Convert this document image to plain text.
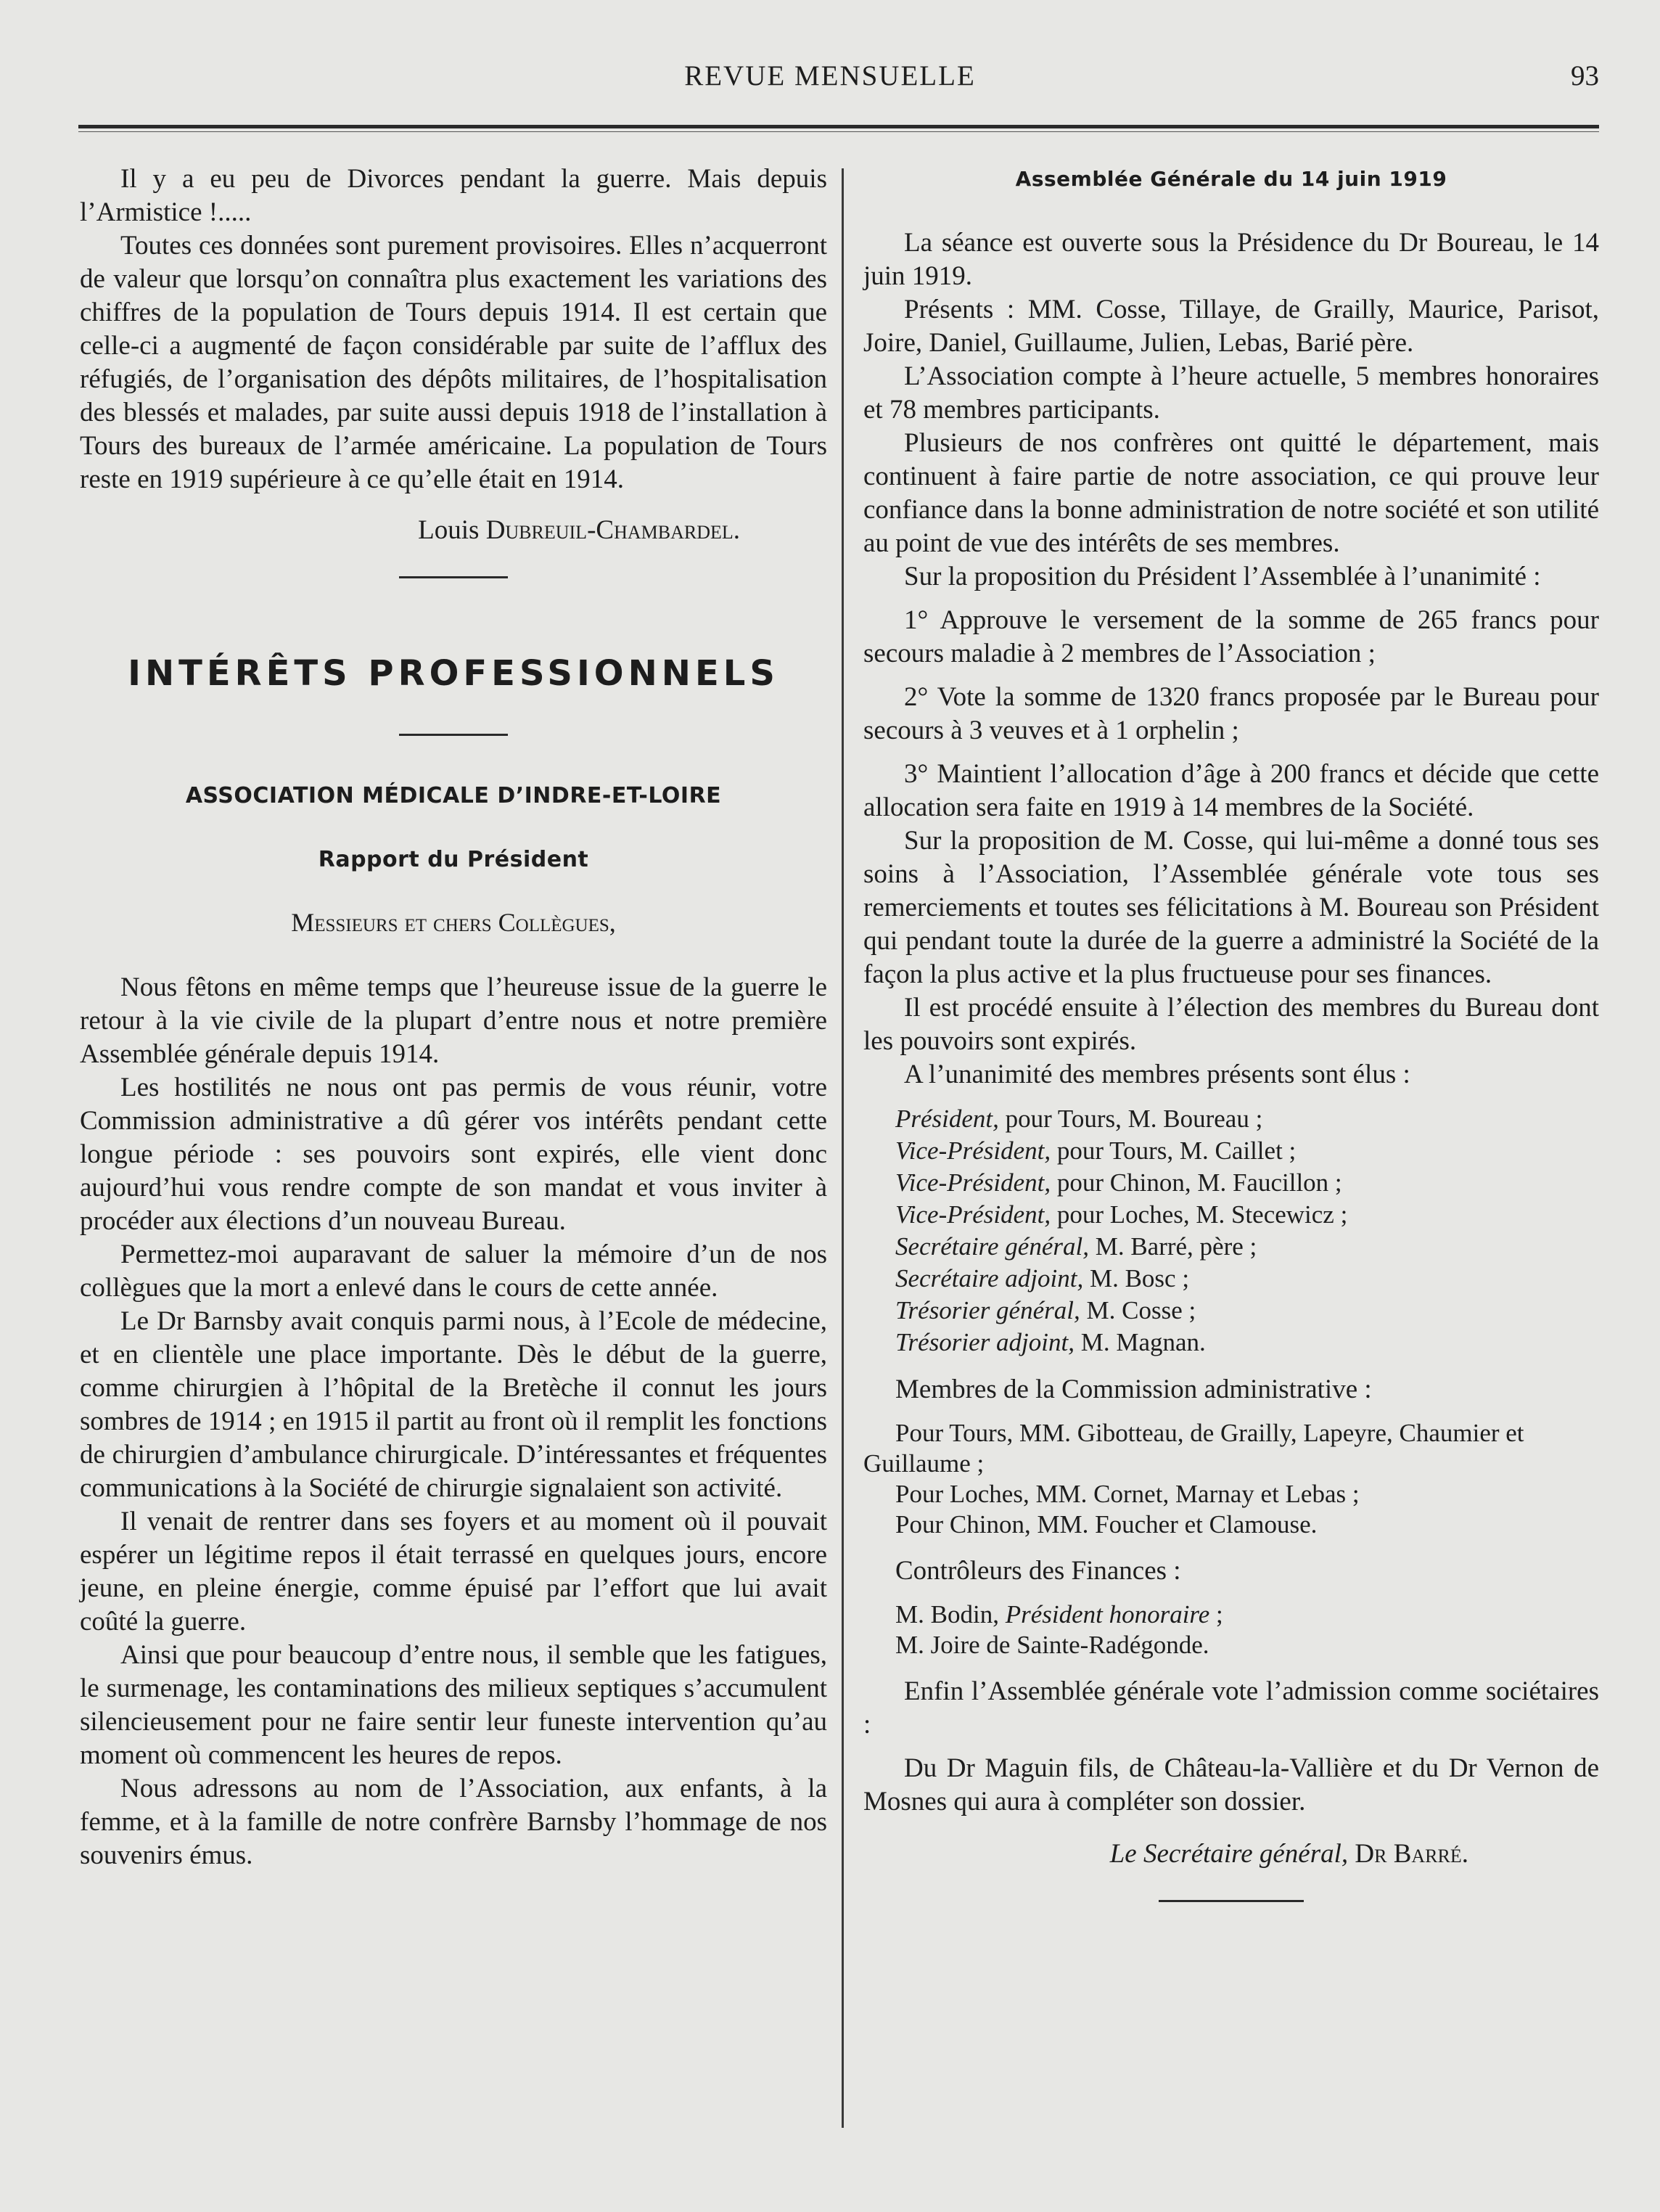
REVUE MENSUELLE	93

Il y a eu peu de Divorces pendant la guerre. Mais depuis l’Armistice !.....

Toutes ces données sont purement provisoires. Elles n’acquerront de valeur que lorsqu’on connaîtra plus exactement les variations des chiffres de la population de Tours depuis 1914. Il est certain que celle-ci a augmenté de façon considérable par suite de l’afflux des réfugiés, de l’organisation des dépôts militaires, de l’hospitalisation des blessés et malades, par suite aussi depuis 1918 de l’installation à Tours des bureaux de l’armée américaine. La population de Tours reste en 1919 supérieure à ce qu’elle était en 1914.

Louis Dubreuil-Chambardel.

INTÉRÊTS PROFESSIONNELS

ASSOCIATION MÉDICALE D’INDRE-ET-LOIRE

Rapport du Président

Messieurs et chers Collègues,

Nous fêtons en même temps que l’heureuse issue de la guerre le retour à la vie civile de la plupart d’entre nous et notre première Assemblée générale depuis 1914.

Les hostilités ne nous ont pas permis de vous réunir, votre Commission administrative a dû gérer vos intérêts pendant cette longue période : ses pouvoirs sont expirés, elle vient donc aujourd’hui vous rendre compte de son mandat et vous inviter à procéder aux élections d’un nouveau Bureau.

Permettez-moi auparavant de saluer la mémoire d’un de nos collègues que la mort a enlevé dans le cours de cette année.

Le Dr Barnsby avait conquis parmi nous, à l’Ecole de médecine, et en clientèle une place importante. Dès le début de la guerre, comme chirurgien à l’hôpital de la Bretèche il connut les jours sombres de 1914 ; en 1915 il partit au front où il remplit les fonctions de chirurgien d’ambulance chirurgicale. D’intéressantes et fréquentes communications à la Société de chirurgie signalaient son activité.

Il venait de rentrer dans ses foyers et au moment où il pouvait espérer un légitime repos il était terrassé en quelques jours, encore jeune, en pleine énergie, comme épuisé par l’effort que lui avait coûté la guerre.

Ainsi que pour beaucoup d’entre nous, il semble que les fatigues, le surmenage, les contaminations des milieux septiques s’accumulent silencieusement pour ne faire sentir leur funeste intervention qu’au moment où commencent les heures de repos.

Nous adressons au nom de l’Association, aux enfants, à la femme, et à la famille de notre confrère Barnsby l’hommage de nos souvenirs émus.

Assemblée Générale du 14 juin 1919

La séance est ouverte sous la Présidence du Dr Boureau, le 14 juin 1919.

Présents : MM. Cosse, Tillaye, de Grailly, Maurice, Parisot, Joire, Daniel, Guillaume, Julien, Lebas, Barié père.

L’Association compte à l’heure actuelle, 5 membres honoraires et 78 membres participants.

Plusieurs de nos confrères ont quitté le département, mais continuent à faire partie de notre association, ce qui prouve leur confiance dans la bonne administration de notre société et son utilité au point de vue des intérêts de ses membres.

Sur la proposition du Président l’Assemblée à l’unanimité :

1° Approuve le versement de la somme de 265 francs pour secours maladie à 2 membres de l’Association ;

2° Vote la somme de 1320 francs proposée par le Bureau pour secours à 3 veuves et à 1 orphelin ;

3° Maintient l’allocation d’âge à 200 francs et décide que cette allocation sera faite en 1919 à 14 membres de la Société.

Sur la proposition de M. Cosse, qui lui-même a donné tous ses soins à l’Association, l’Assemblée générale vote tous ses remerciements et toutes ses félicitations à M. Boureau son Président qui pendant toute la durée de la guerre a administré la Société de la façon la plus active et la plus fructueuse pour ses finances.

Il est procédé ensuite à l’élection des membres du Bureau dont les pouvoirs sont expirés.

A l’unanimité des membres présents sont élus :

Président, pour Tours, M. Boureau ;
Vice-Président, pour Tours, M. Caillet ;
Vice-Président, pour Chinon, M. Faucillon ;
Vice-Président, pour Loches, M. Stecewicz ;
Secrétaire général, M. Barré, père ;
Secrétaire adjoint, M. Bosc ;
Trésorier général, M. Cosse ;
Trésorier adjoint, M. Magnan.

Membres de la Commission administrative :

Pour Tours, MM. Gibotteau, de Grailly, Lapeyre, Chaumier et Guillaume ;
Pour Loches, MM. Cornet, Marnay et Lebas ;
Pour Chinon, MM. Foucher et Clamouse.

Contrôleurs des Finances :

M. Bodin, Président honoraire ;
M. Joire de Sainte-Radégonde.

Enfin l’Assemblée générale vote l’admission comme sociétaires :

Du Dr Maguin fils, de Château-la-Vallière et du Dr Vernon de Mosnes qui aura à compléter son dossier.

Le Secrétaire général, Dr Barré.
